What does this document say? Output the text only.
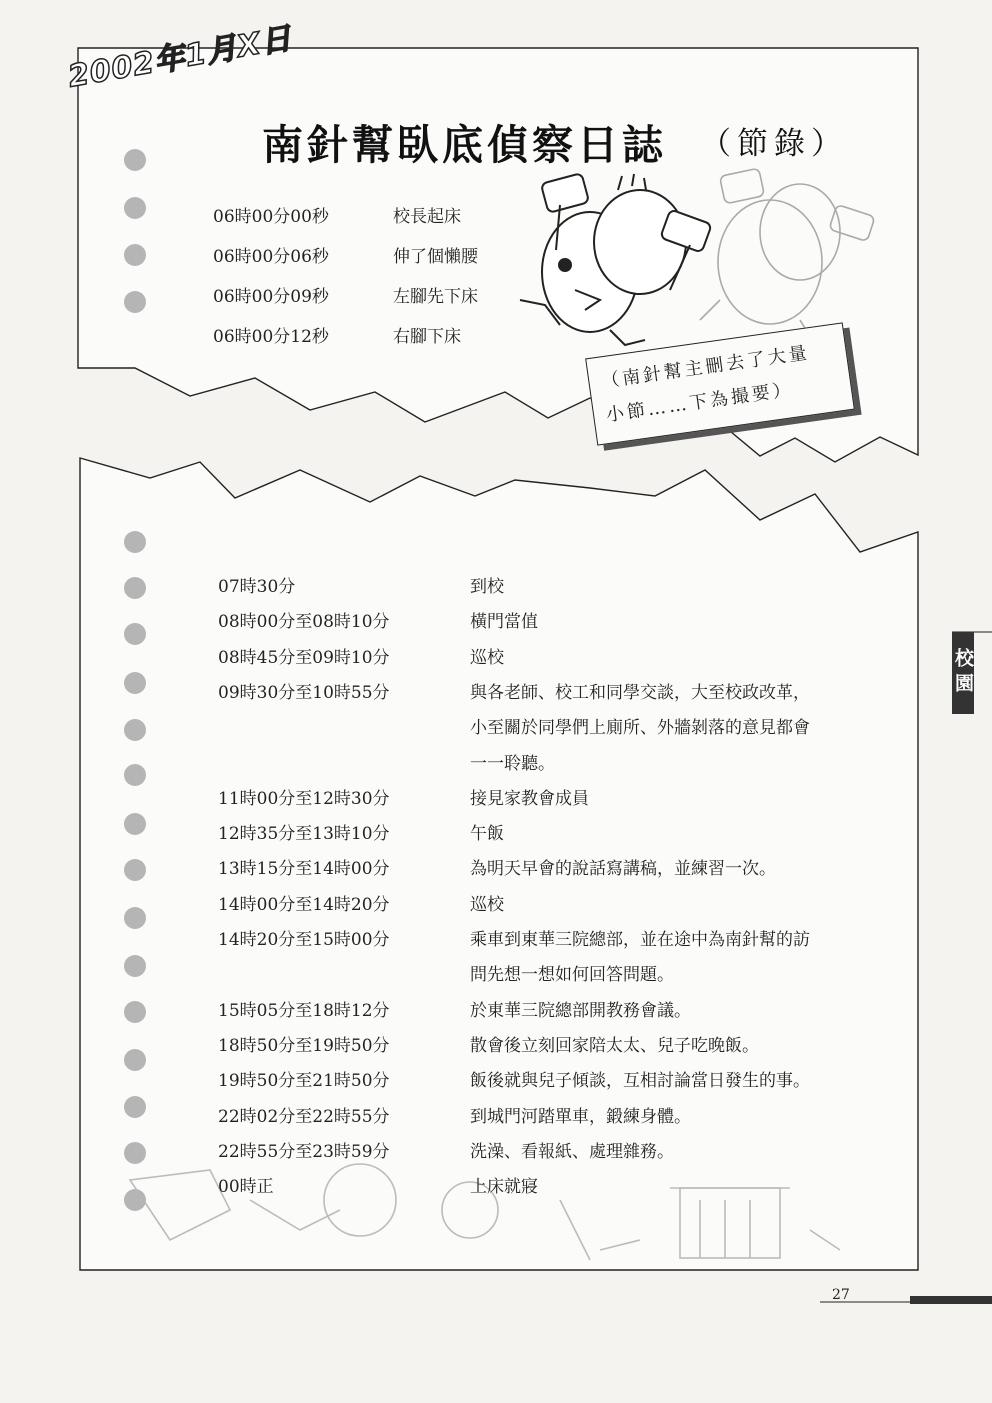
2002年1月X日
南針幫臥底偵察日誌 （節錄）
06時00分00秒	校長起床
06時00分06秒	伸了個懶腰
06時00分09秒	左腳先下床
06時00分12秒	右腳下床
（南針幫主刪去了大量
小節……下為撮要）
07時30分	到校
08時00分至08時10分	橫門當值
08時45分至09時10分	巡校
09時30分至10時55分	與各老師、校工和同學交談，大至校政改革，
小至關於同學們上廁所、外牆剝落的意見都會
一一聆聽。
11時00分至12時30分	接見家教會成員
12時35分至13時10分	午飯
13時15分至14時00分	為明天早會的說話寫講稿，並練習一次。
14時00分至14時20分	巡校
14時20分至15時00分	乘車到東華三院總部，並在途中為南針幫的訪
問先想一想如何回答問題。
15時05分至18時12分	於東華三院總部開教務會議。
18時50分至19時50分	散會後立刻回家陪太太、兒子吃晚飯。
19時50分至21時50分	飯後就與兒子傾談，互相討論當日發生的事。
22時02分至22時55分	到城門河踏單車，鍛練身體。
22時55分至23時59分	洗澡、看報紙、處理雜務。
00時正	上床就寢
校園
27
